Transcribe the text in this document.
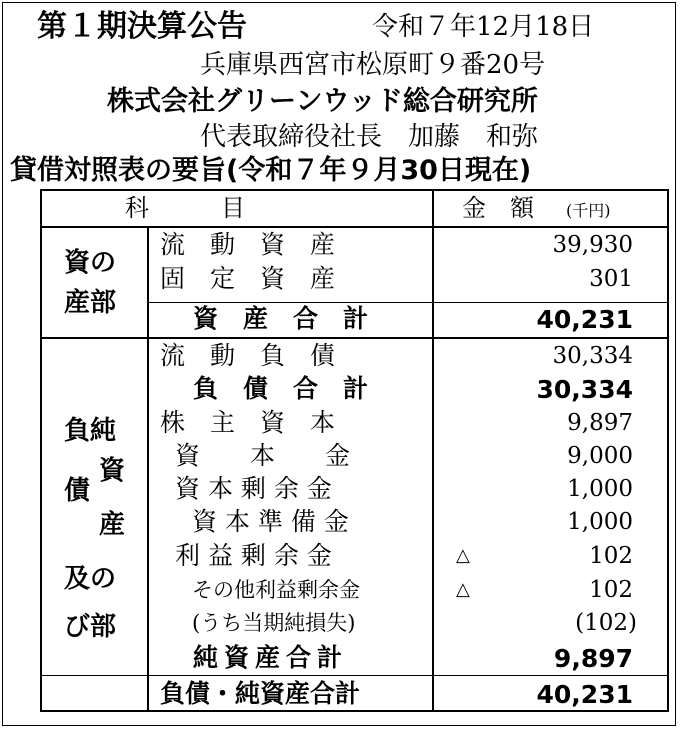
第１期決算公告	令和７年12月18日
兵庫県西宮市松原町９番20号
株式会社グリーンウッド総合研究所
代表取締役社長　加藤　和弥
貸借対照表の要旨(令和７年９月30日現在)
科　　　目	金　額 (千円)
資の
産部
流　動　資　産	39,930
固　定　資　産	301
資　産　合　計	40,231
負純
資
債
産
及の
び部
流　動　負　債	30,334
負　債　合　計	30,334
株　主　資　本	9,897
資　　本　　金	9,000
資 本 剰 余 金	1,000
資 本 準 備 金	1,000
利 益 剰 余 金	△	102
その他利益剰余金	△	102
(うち当期純損失)	(102)
純資産合計	9,897
負債・純資産合計	40,231
